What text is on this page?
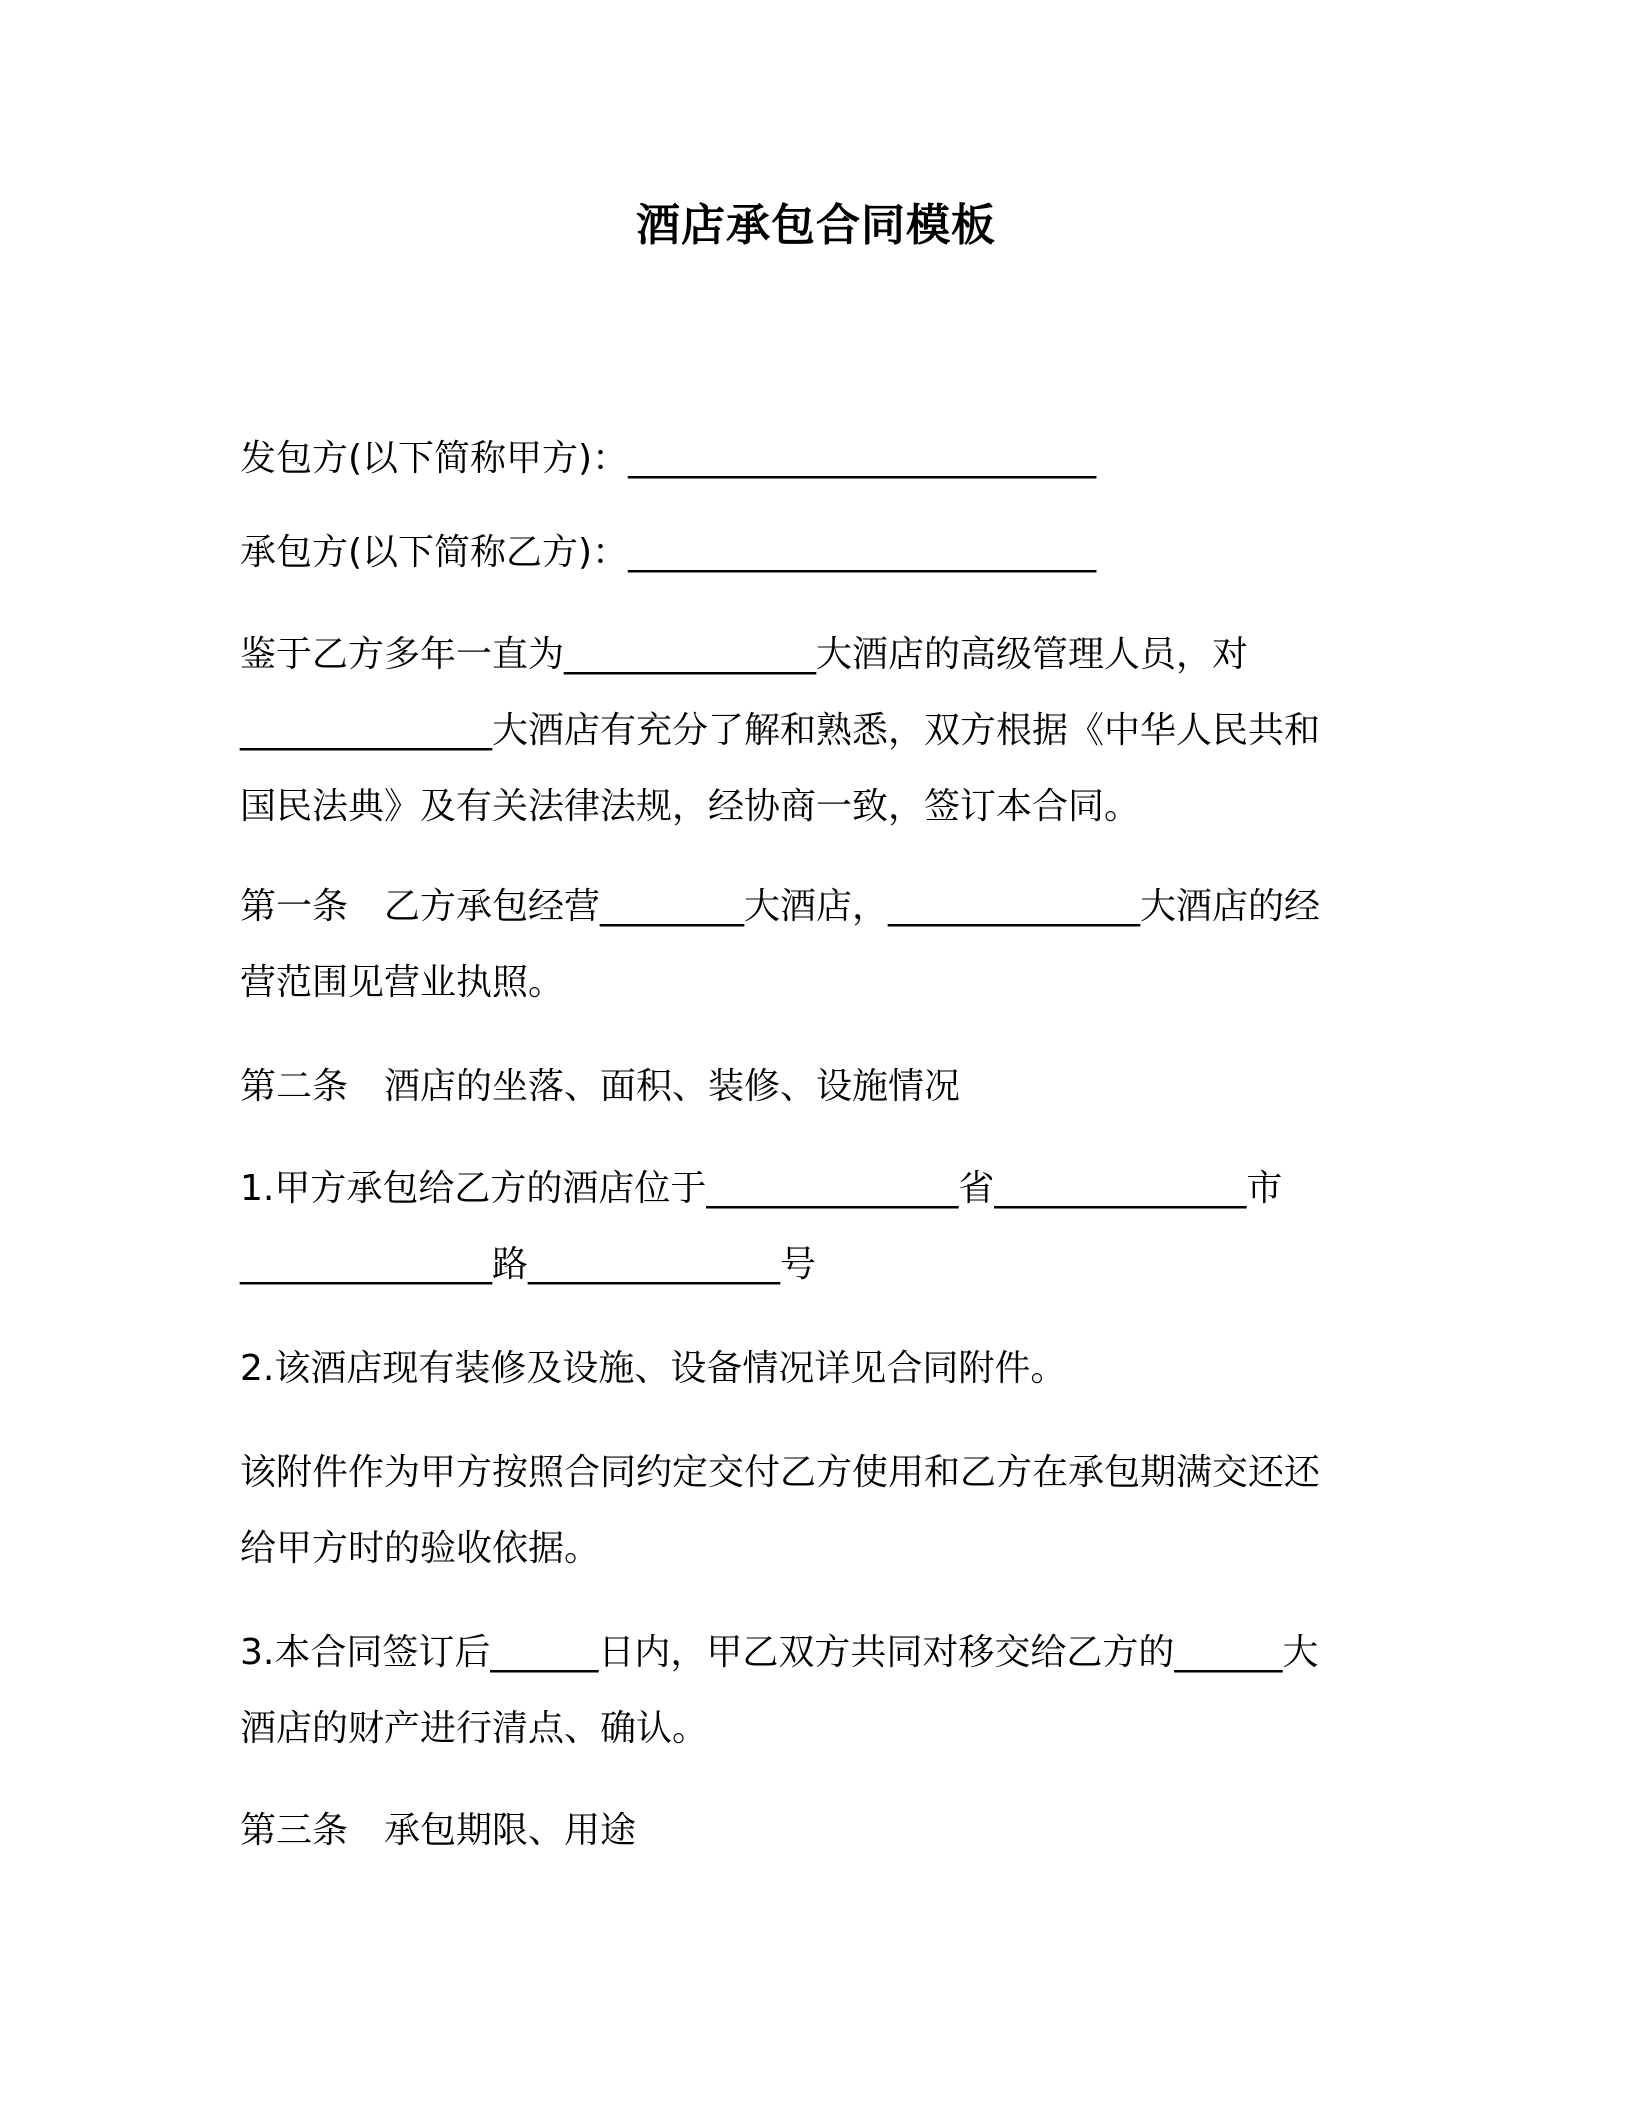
酒店承包合同模板

发包方(以下简称甲方)：__________________________

承包方(以下简称乙方)：__________________________

鉴于乙方多年一直为______________大酒店的高级管理人员，对

______________大酒店有充分了解和熟悉，双方根据《中华人民共和

国民法典》及有关法律法规，经协商一致，签订本合同。

第一条　乙方承包经营________大酒店，______________大酒店的经

营范围见营业执照。

第二条　酒店的坐落、面积、装修、设施情况

1.甲方承包给乙方的酒店位于______________省______________市

______________路______________号

2.该酒店现有装修及设施、设备情况详见合同附件。

该附件作为甲方按照合同约定交付乙方使用和乙方在承包期满交还还

给甲方时的验收依据。

3.本合同签订后______日内，甲乙双方共同对移交给乙方的______大

酒店的财产进行清点、确认。

第三条　承包期限、用途
